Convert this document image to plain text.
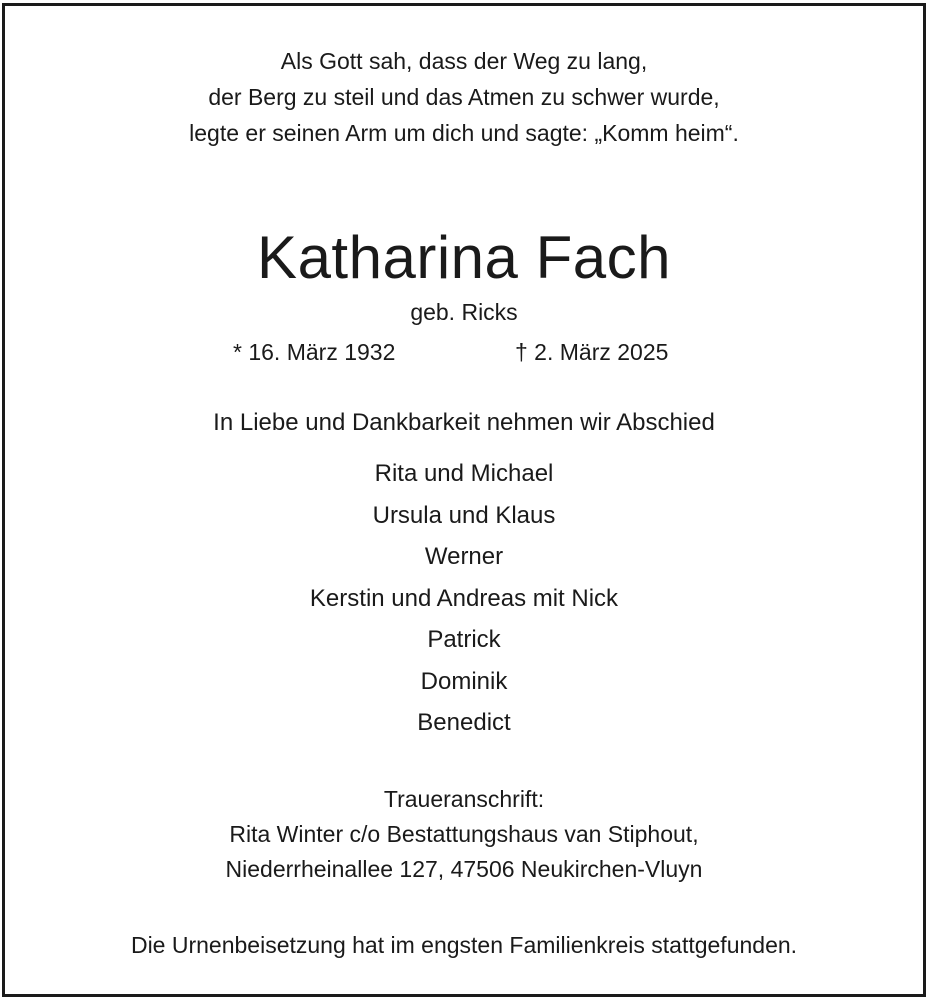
Als Gott sah, dass der Weg zu lang,
der Berg zu steil und das Atmen zu schwer wurde,
legte er seinen Arm um dich und sagte: „Komm heim“.
Katharina Fach
geb. Ricks
* 16. März 1932	† 2. März 2025
In Liebe und Dankbarkeit nehmen wir Abschied
Rita und Michael
Ursula und Klaus
Werner
Kerstin und Andreas mit Nick
Patrick
Dominik
Benedict
Traueranschrift:
Rita Winter c/o Bestattungshaus van Stiphout,
Niederrheinallee 127, 47506 Neukirchen-Vluyn
Die Urnenbeisetzung hat im engsten Familienkreis stattgefunden.
